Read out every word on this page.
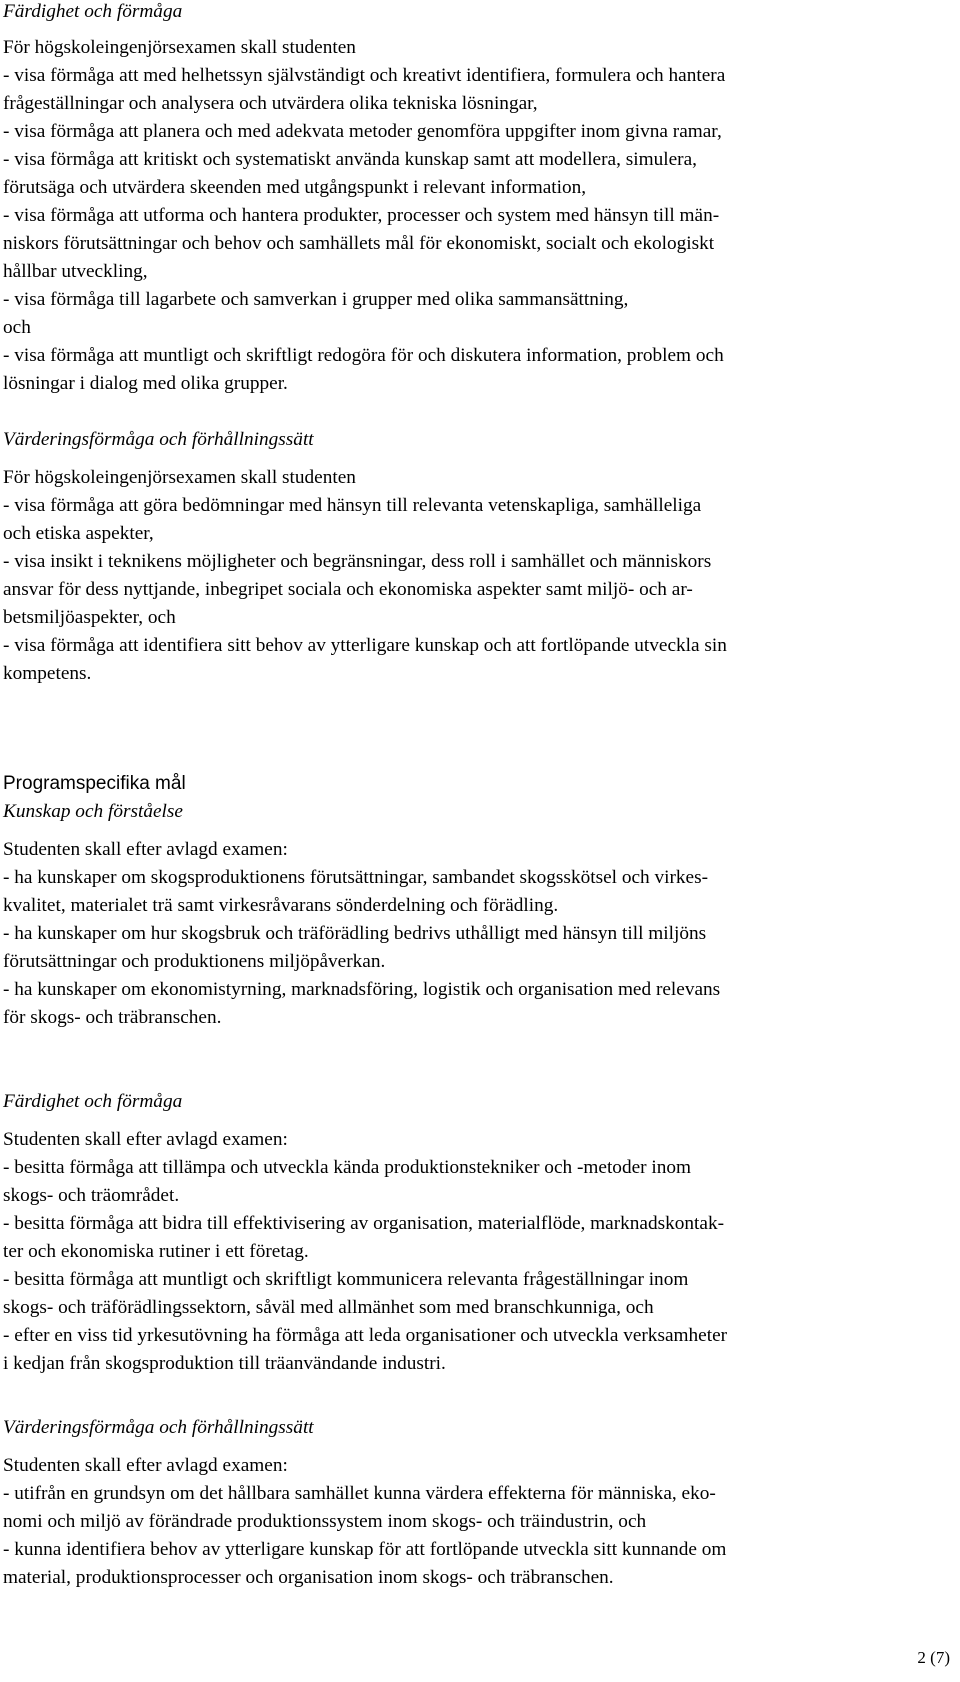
Färdighet och förmåga
För högskoleingenjörsexamen skall studenten
- visa förmåga att med helhetssyn självständigt och kreativt identifiera, formulera och hantera
frågeställningar och analysera och utvärdera olika tekniska lösningar,
- visa förmåga att planera och med adekvata metoder genomföra uppgifter inom givna ramar,
- visa förmåga att kritiskt och systematiskt använda kunskap samt att modellera, simulera,
förutsäga och utvärdera skeenden med utgångspunkt i relevant information,
- visa förmåga att utforma och hantera produkter, processer och system med hänsyn till män-
niskors förutsättningar och behov och samhällets mål för ekonomiskt, socialt och ekologiskt
hållbar utveckling,
- visa förmåga till lagarbete och samverkan i grupper med olika sammansättning,
och
- visa förmåga att muntligt och skriftligt redogöra för och diskutera information, problem och
lösningar i dialog med olika grupper.
Värderingsförmåga och förhållningssätt
För högskoleingenjörsexamen skall studenten
- visa förmåga att göra bedömningar med hänsyn till relevanta vetenskapliga, samhälleliga
och etiska aspekter,
- visa insikt i teknikens möjligheter och begränsningar, dess roll i samhället och människors
ansvar för dess nyttjande, inbegripet sociala och ekonomiska aspekter samt miljö- och ar-
betsmiljöaspekter, och
- visa förmåga att identifiera sitt behov av ytterligare kunskap och att fortlöpande utveckla sin
kompetens.
Programspecifika mål
Kunskap och förståelse
Studenten skall efter avlagd examen:
- ha kunskaper om skogsproduktionens förutsättningar, sambandet skogsskötsel och virkes-
kvalitet, materialet trä samt virkesråvarans sönderdelning och förädling.
- ha kunskaper om hur skogsbruk och träförädling bedrivs uthålligt med hänsyn till miljöns
förutsättningar och produktionens miljöpåverkan.
- ha kunskaper om ekonomistyrning, marknadsföring, logistik och organisation med relevans
för skogs- och träbranschen.
Färdighet och förmåga
Studenten skall efter avlagd examen:
- besitta förmåga att tillämpa och utveckla kända produktionstekniker och -metoder inom
skogs- och träområdet.
- besitta förmåga att bidra till effektivisering av organisation, materialflöde, marknadskontak-
ter och ekonomiska rutiner i ett företag.
- besitta förmåga att muntligt och skriftligt kommunicera relevanta frågeställningar inom
skogs- och träförädlingssektorn, såväl med allmänhet som med branschkunniga, och
- efter en viss tid yrkesutövning ha förmåga att leda organisationer och utveckla verksamheter
i kedjan från skogsproduktion till träanvändande industri.
Värderingsförmåga och förhållningssätt
Studenten skall efter avlagd examen:
- utifrån en grundsyn om det hållbara samhället kunna värdera effekterna för människa, eko-
nomi och miljö av förändrade produktionssystem inom skogs- och träindustrin, och
- kunna identifiera behov av ytterligare kunskap för att fortlöpande utveckla sitt kunnande om
material, produktionsprocesser och organisation inom skogs- och träbranschen.
2 (7)
